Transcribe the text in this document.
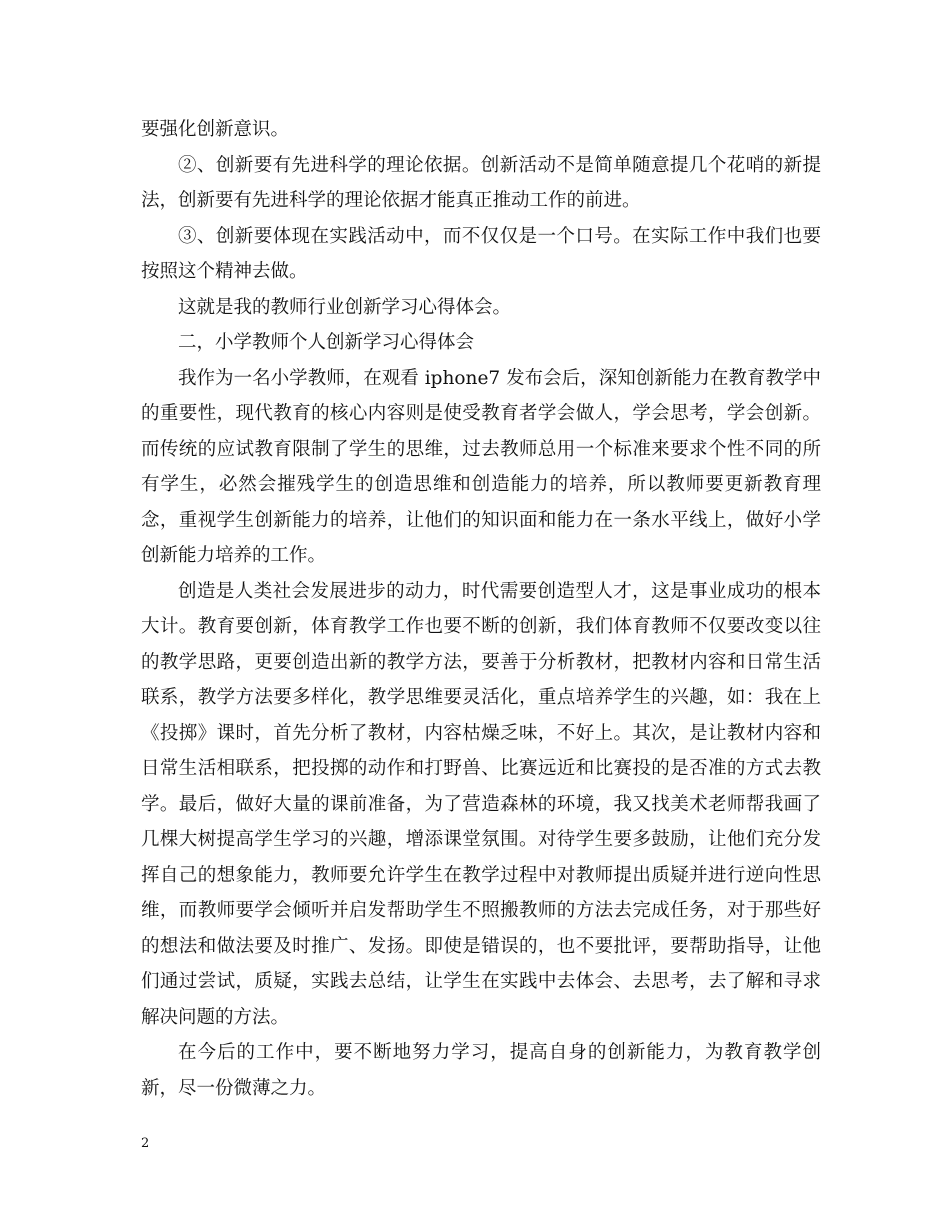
要强化创新意识。

②、创新要有先进科学的理论依据。创新活动不是简单随意提几个花哨的新提法，创新要有先进科学的理论依据才能真正推动工作的前进。

③、创新要体现在实践活动中，而不仅仅是一个口号。在实际工作中我们也要按照这个精神去做。

这就是我的教师行业创新学习心得体会。

二，小学教师个人创新学习心得体会

我作为一名小学教师，在观看 iphone7 发布会后，深知创新能力在教育教学中的重要性，现代教育的核心内容则是使受教育者学会做人，学会思考，学会创新。而传统的应试教育限制了学生的思维，过去教师总用一个标准来要求个性不同的所有学生，必然会摧残学生的创造思维和创造能力的培养，所以教师要更新教育理念，重视学生创新能力的培养，让他们的知识面和能力在一条水平线上，做好小学创新能力培养的工作。

创造是人类社会发展进步的动力，时代需要创造型人才，这是事业成功的根本大计。教育要创新，体育教学工作也要不断的创新，我们体育教师不仅要改变以往的教学思路，更要创造出新的教学方法，要善于分析教材，把教材内容和日常生活联系，教学方法要多样化，教学思维要灵活化，重点培养学生的兴趣，如：我在上《投掷》课时，首先分析了教材，内容枯燥乏味，不好上。其次，是让教材内容和日常生活相联系，把投掷的动作和打野兽、比赛远近和比赛投的是否准的方式去教学。最后，做好大量的课前准备，为了营造森林的环境，我又找美术老师帮我画了几棵大树提高学生学习的兴趣，增添课堂氛围。对待学生要多鼓励，让他们充分发挥自己的想象能力，教师要允许学生在教学过程中对教师提出质疑并进行逆向性思维，而教师要学会倾听并启发帮助学生不照搬教师的方法去完成任务，对于那些好的想法和做法要及时推广、发扬。即使是错误的，也不要批评，要帮助指导，让他们通过尝试，质疑，实践去总结，让学生在实践中去体会、去思考，去了解和寻求解决问题的方法。

在今后的工作中，要不断地努力学习，提高自身的创新能力，为教育教学创新，尽一份微薄之力。

2
